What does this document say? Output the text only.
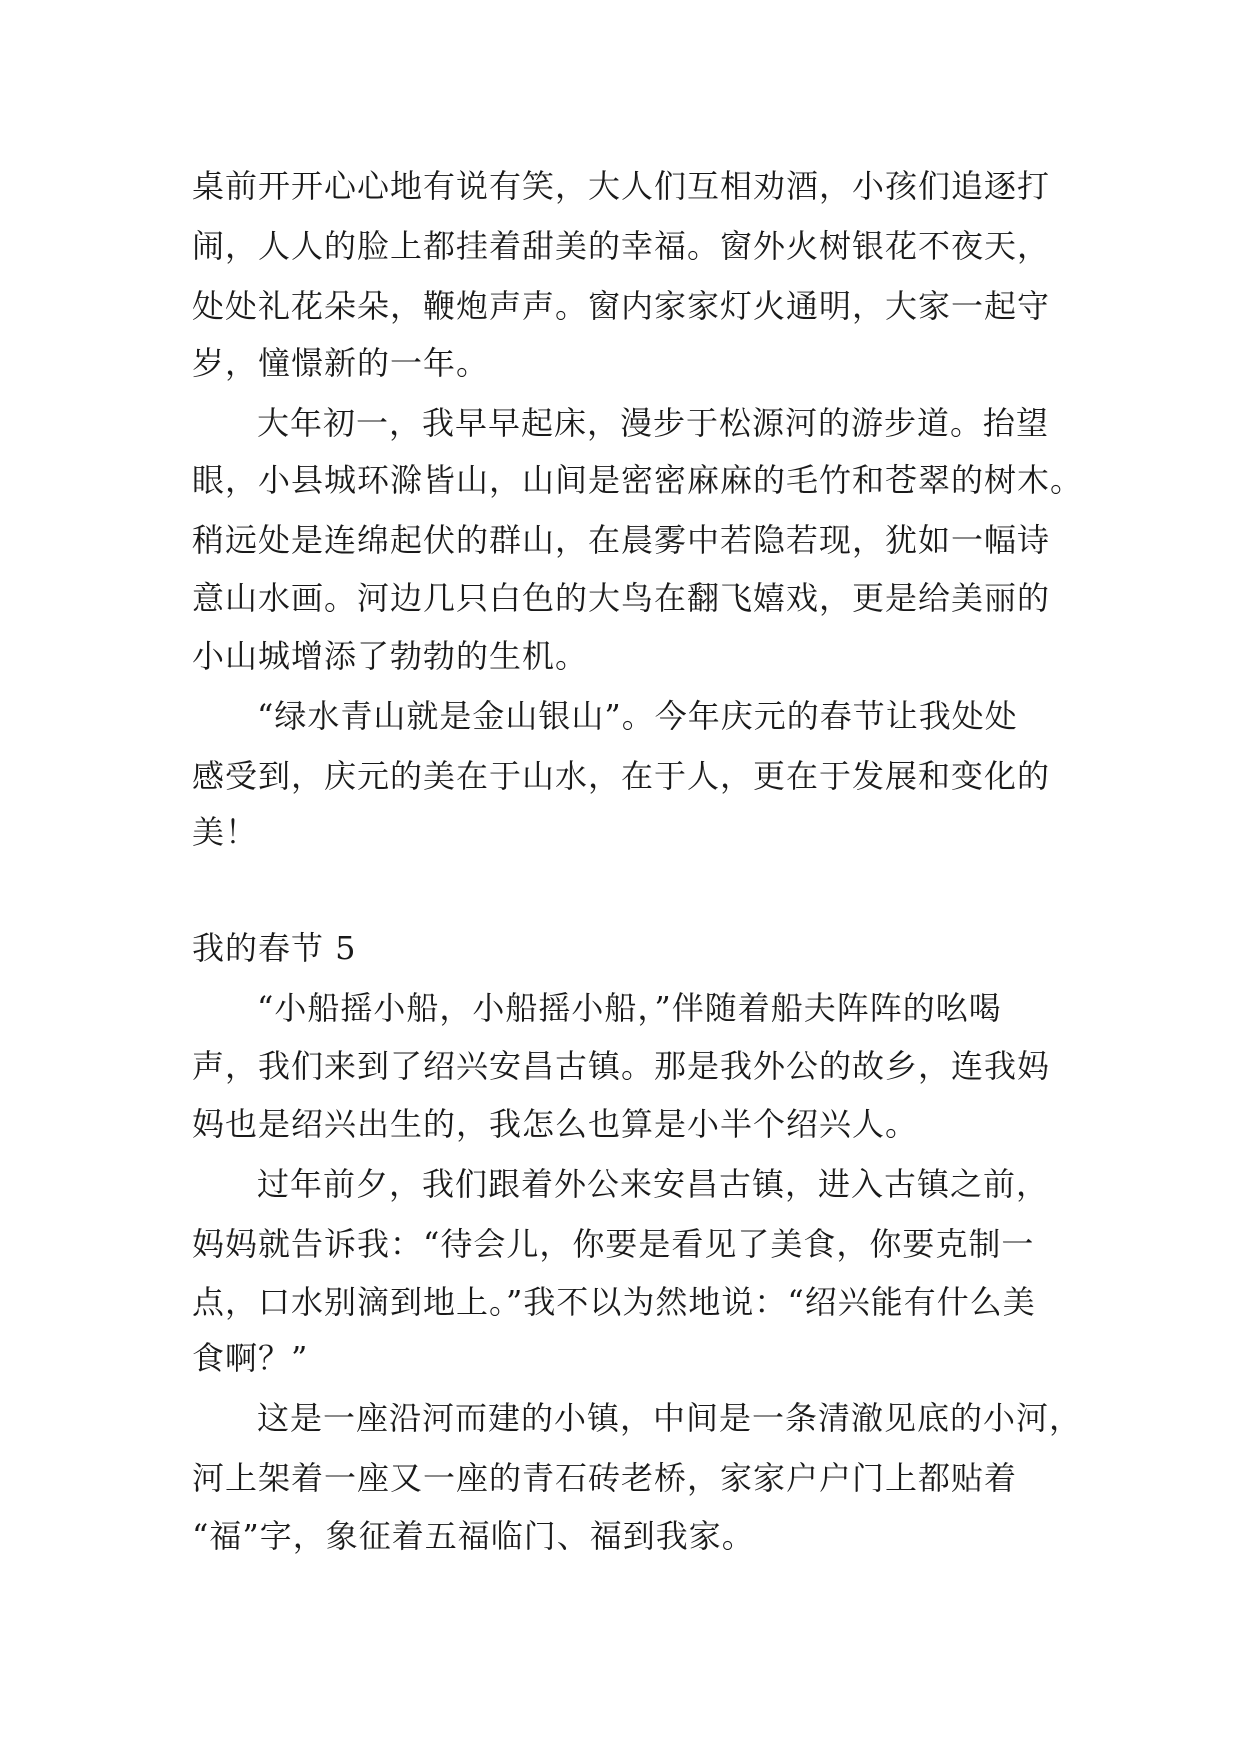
桌前开开心心地有说有笑，大人们互相劝酒，小孩们追逐打
闹，人人的脸上都挂着甜美的幸福。窗外火树银花不夜天，
处处礼花朵朵，鞭炮声声。窗内家家灯火通明，大家一起守
岁，憧憬新的一年。
大年初一，我早早起床，漫步于松源河的游步道。抬望
眼，小县城环滁皆山，山间是密密麻麻的毛竹和苍翠的树木。
稍远处是连绵起伏的群山，在晨雾中若隐若现，犹如一幅诗
意山水画。河边几只白色的大鸟在翻飞嬉戏，更是给美丽的
小山城增添了勃勃的生机。
“绿水青山就是金山银山”。今年庆元的春节让我处处
感受到，庆元的美在于山水，在于人，更在于发展和变化的
美！
我的春节 5
“小船摇小船，小船摇小船，”伴随着船夫阵阵的吆喝
声，我们来到了绍兴安昌古镇。那是我外公的故乡，连我妈
妈也是绍兴出生的，我怎么也算是小半个绍兴人。
过年前夕，我们跟着外公来安昌古镇，进入古镇之前，
妈妈就告诉我：“待会儿，你要是看见了美食，你要克制一
点，口水别滴到地上。”我不以为然地说：“绍兴能有什么美
食啊？”
这是一座沿河而建的小镇，中间是一条清澈见底的小河，
河上架着一座又一座的青石砖老桥，家家户户门上都贴着
“福”字，象征着五福临门、福到我家。
